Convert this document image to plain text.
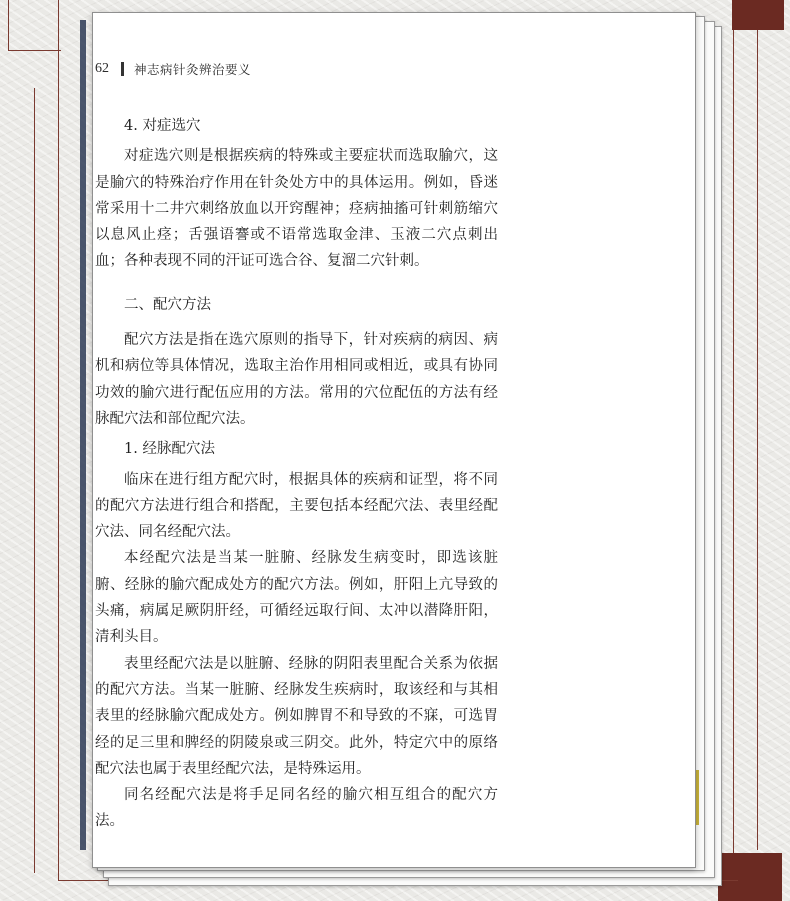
62 神志病针灸辨治要义

4. 对症选穴

对症选穴则是根据疾病的特殊或主要症状而选取腧穴，这是腧穴的特殊治疗作用在针灸处方中的具体运用。例如，昏迷常采用十二井穴刺络放血以开窍醒神；痉病抽搐可针刺筋缩穴以息风止痉；舌强语謇或不语常选取金津、玉液二穴点刺出血；各种表现不同的汗证可选合谷、复溜二穴针刺。

二、配穴方法

配穴方法是指在选穴原则的指导下，针对疾病的病因、病机和病位等具体情况，选取主治作用相同或相近，或具有协同功效的腧穴进行配伍应用的方法。常用的穴位配伍的方法有经脉配穴法和部位配穴法。

1. 经脉配穴法

临床在进行组方配穴时，根据具体的疾病和证型，将不同的配穴方法进行组合和搭配，主要包括本经配穴法、表里经配穴法、同名经配穴法。

本经配穴法是当某一脏腑、经脉发生病变时，即选该脏腑、经脉的腧穴配成处方的配穴方法。例如，肝阳上亢导致的头痛，病属足厥阴肝经，可循经远取行间、太冲以潜降肝阳，清利头目。

表里经配穴法是以脏腑、经脉的阴阳表里配合关系为依据的配穴方法。当某一脏腑、经脉发生疾病时，取该经和与其相表里的经脉腧穴配成处方。例如脾胃不和导致的不寐，可选胃经的足三里和脾经的阴陵泉或三阴交。此外，特定穴中的原络配穴法也属于表里经配穴法，是特殊运用。

同名经配穴法是将手足同名经的腧穴相互组合的配穴方法。
